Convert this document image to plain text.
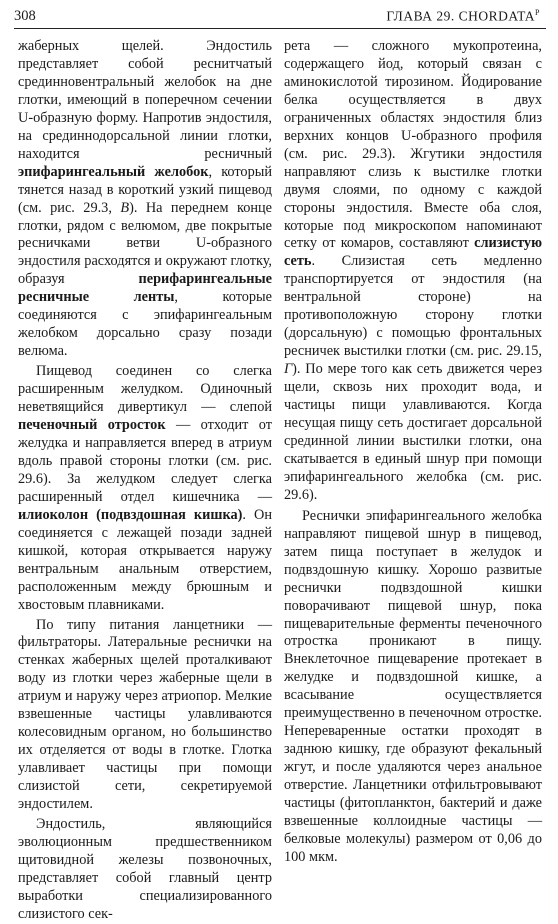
308	ГЛАВА 29. $CHORDATA^P$

жаберных щелей. Эндостиль представляет собой реснитчатый срединновентральный желобок на дне глотки, имеющий в поперечном сечении U-образную форму. Напротив эндостиля, на срединнодорсальной линии глотки, находится ресничный эпифарингеальный желобок, который тянется назад в короткий узкий пищевод (см. рис. 29.3, В). На переднем конце глотки, рядом с велюмом, две покрытые ресничками ветви U-образного эндостиля расходятся и окружают глотку, образуя перифарингеальные ресничные ленты, которые соединяются с эпифарингеальным желобком дорсально сразу позади велюма.

Пищевод соединен со слегка расширенным желудком. Одиночный неветвящийся дивертикул — слепой печеночный отросток — отходит от желудка и направляется вперед в атриум вдоль правой стороны глотки (см. рис. 29.6). За желудком следует слегка расширенный отдел кишечника — илиоколон (подвздошная кишка). Он соединяется с лежащей позади задней кишкой, которая открывается наружу вентральным анальным отверстием, расположенным между брюшным и хвостовым плавниками.

По типу питания ланцетники — фильтраторы. Латеральные реснички на стенках жаберных щелей проталкивают воду из глотки через жаберные щели в атриум и наружу через атриопор. Мелкие взвешенные частицы улавливаются колесовидным органом, но большинство их отделяется от воды в глотке. Глотка улавливает частицы при помощи слизистой сети, секретируемой эндостилем.

Эндостиль, являющийся эволюционным предшественником щитовидной железы позвоночных, представляет собой главный центр выработки специализированного слизистого сек-

рета — сложного мукопротеина, содержащего йод, который связан с аминокислотой тирозином. Йодирование белка осуществляется в двух ограниченных областях эндостиля близ верхних концов U-образного профиля (см. рис. 29.3). Жгутики эндостиля направляют слизь к выстилке глотки двумя слоями, по одному с каждой стороны эндостиля. Вместе оба слоя, которые под микроскопом напоминают сетку от комаров, составляют слизистую сеть. Слизистая сеть медленно транспортируется от эндостиля (на вентральной стороне) на противоположную сторону глотки (дорсальную) с помощью фронтальных ресничек выстилки глотки (см. рис. 29.15, Г). По мере того как сеть движется через щели, сквозь них проходит вода, и частицы пищи улавливаются. Когда несущая пищу сеть достигает дорсальной срединной линии выстилки глотки, она скатывается в единый шнур при помощи эпифарингеального желобка (см. рис. 29.6).

Реснички эпифарингеального желобка направляют пищевой шнур в пищевод, затем пища поступает в желудок и подвздошную кишку. Хорошо развитые реснички подвздошной кишки поворачивают пищевой шнур, пока пищеварительные ферменты печеночного отростка проникают в пищу. Внеклеточное пищеварение протекает в желудке и подвздошной кишке, а всасывание осуществляется преимущественно в печеночном отростке. Непереваренные остатки проходят в заднюю кишку, где образуют фекальный жгут, и после удаляются через анальное отверстие. Ланцетники отфильтровывают частицы (фитопланктон, бактерий и даже взвешенные коллоидные частицы — белковые молекулы) размером от 0,06 до 100 мкм.
